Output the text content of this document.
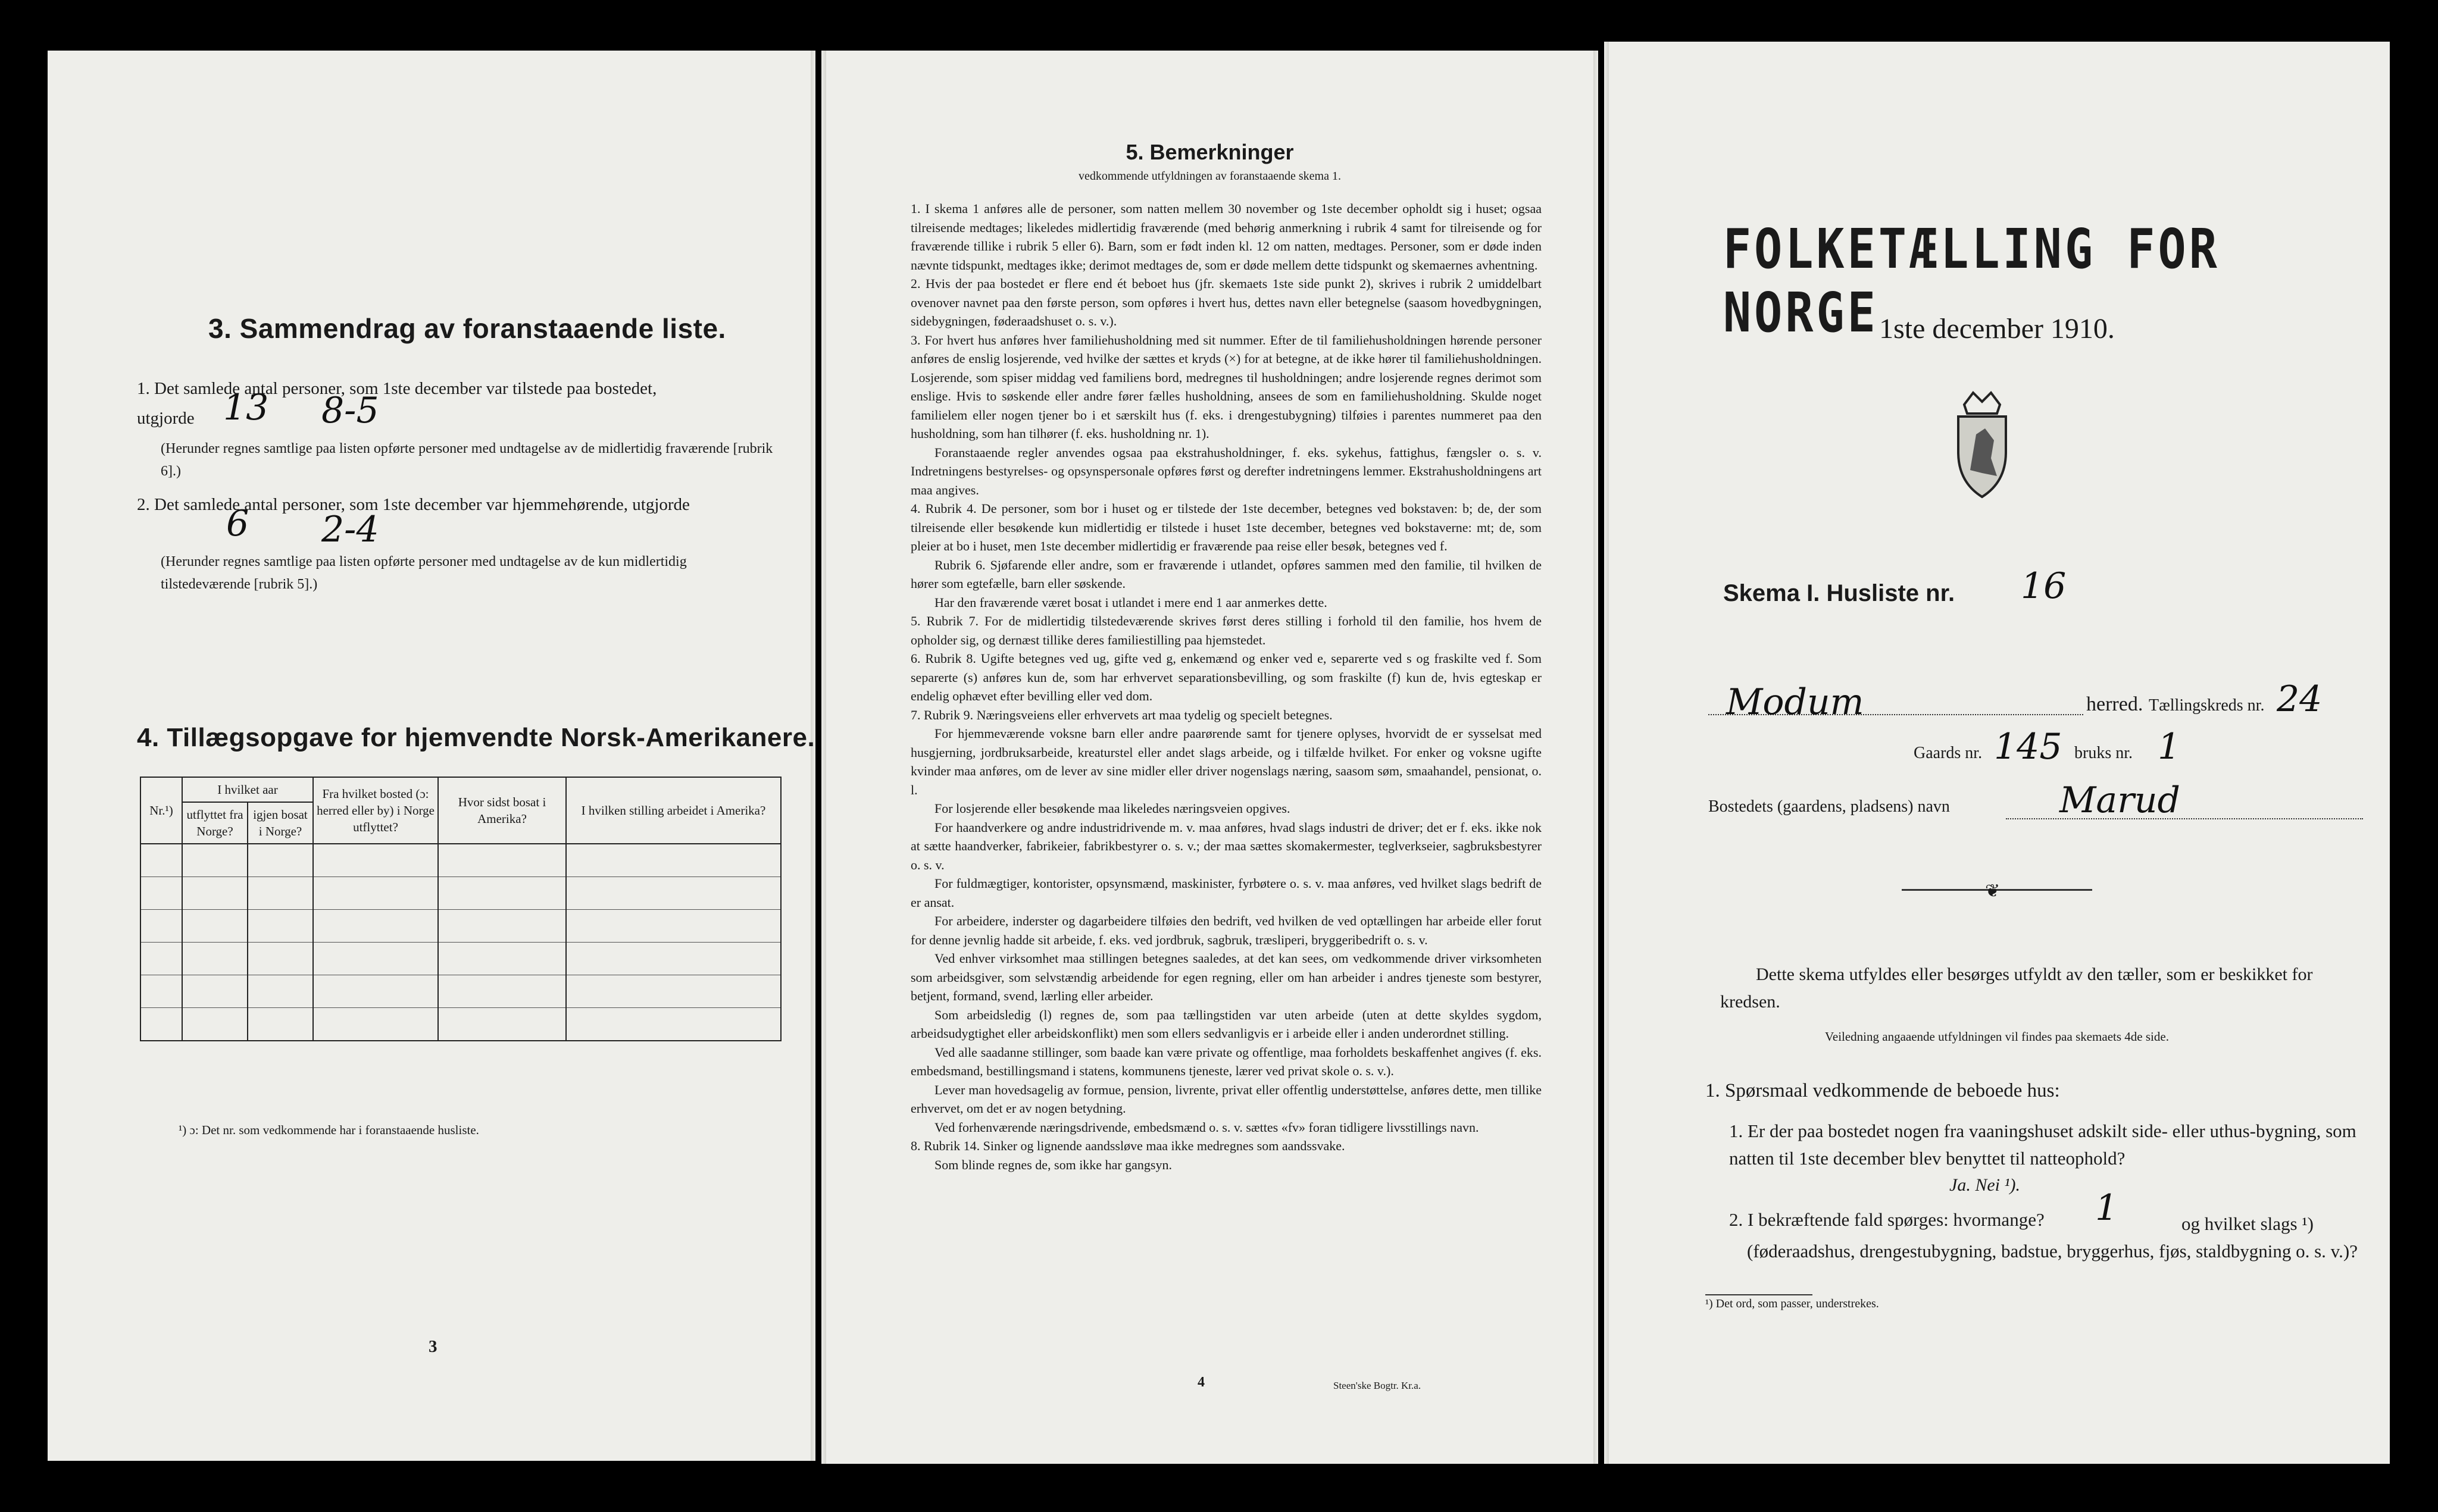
3. Sammendrag av foranstaaende liste.
1. Det samlede antal personer, som 1ste december var tilstede paa bostedet,
utgjorde 13 8-5
(Herunder regnes samtlige paa listen opførte personer med undtagelse av de midlertidig fraværende [rubrik 6].)
2. Det samlede antal personer, som 1ste december var hjemmehørende, utgjorde
6 2-4
(Herunder regnes samtlige paa listen opførte personer med undtagelse av de kun midlertidig tilstedeværende [rubrik 5].)
4. Tillægsopgave for hjemvendte Norsk-Amerikanere.
Nr.¹)	I hvilket aar		Fra hvilket bosted (ɔ: herred eller by) i Norge utflyttet?	Hvor sidst bosat i Amerika?	I hvilken stilling arbeidet i Amerika?
	utflyttet fra Norge?	igjen bosat i Norge?			

¹) ɔ: Det nr. som vedkommende har i foranstaaende husliste.
3
5. Bemerkninger
vedkommende utfyldningen av foranstaaende skema 1.

1. I skema 1 anføres alle de personer, som natten mellem 30 november og 1ste december opholdt sig i huset; ogsaa tilreisende medtages; likeledes midlertidig fraværende (med behørig anmerkning i rubrik 4 samt for tilreisende og for fraværende tillike i rubrik 5 eller 6). Barn, som er født inden kl. 12 om natten, medtages. Personer, som er døde inden nævnte tidspunkt, medtages ikke; derimot medtages de, som er døde mellem dette tidspunkt og skemaernes avhentning.

2. Hvis der paa bostedet er flere end ét beboet hus (jfr. skemaets 1ste side punkt 2), skrives i rubrik 2 umiddelbart ovenover navnet paa den første person, som opføres i hvert hus, dettes navn eller betegnelse (saasom hovedbygningen, sidebygningen, føderaadshuset o. s. v.).

3. For hvert hus anføres hver familiehusholdning med sit nummer. Efter de til familiehusholdningen hørende personer anføres de enslig losjerende, ved hvilke der sættes et kryds (×) for at betegne, at de ikke hører til familiehusholdningen. Losjerende, som spiser middag ved familiens bord, medregnes til husholdningen; andre losjerende regnes derimot som enslige. Hvis to søskende eller andre fører fælles husholdning, ansees de som en familiehusholdning. Skulde noget familielem eller nogen tjener bo i et særskilt hus (f. eks. i drengestubygning) tilføies i parentes nummeret paa den husholdning, som han tilhører (f. eks. husholdning nr. 1).

Foranstaaende regler anvendes ogsaa paa ekstrahusholdninger, f. eks. sykehus, fattighus, fængsler o. s. v. Indretningens bestyrelses- og opsynspersonale opføres først og derefter indretningens lemmer. Ekstrahusholdningens art maa angives.

4. Rubrik 4. De personer, som bor i huset og er tilstede der 1ste december, betegnes ved bokstaven: b; de, der som tilreisende eller besøkende kun midlertidig er tilstede i huset 1ste december, betegnes ved bokstaverne: mt; de, som pleier at bo i huset, men 1ste december midlertidig er fraværende paa reise eller besøk, betegnes ved f.

Rubrik 6. Sjøfarende eller andre, som er fraværende i utlandet, opføres sammen med den familie, til hvilken de hører som egtefælle, barn eller søskende.

Har den fraværende været bosat i utlandet i mere end 1 aar anmerkes dette.

5. Rubrik 7. For de midlertidig tilstedeværende skrives først deres stilling i forhold til den familie, hos hvem de opholder sig, og dernæst tillike deres familiestilling paa hjemstedet.

6. Rubrik 8. Ugifte betegnes ved ug, gifte ved g, enkemænd og enker ved e, separerte ved s og fraskilte ved f. Som separerte (s) anføres kun de, som har erhvervet separationsbevilling, og som fraskilte (f) kun de, hvis egteskap er endelig ophævet efter bevilling eller ved dom.

7. Rubrik 9. Næringsveiens eller erhvervets art maa tydelig og specielt betegnes.

For hjemmeværende voksne barn eller andre paarørende samt for tjenere oplyses, hvorvidt de er sysselsat med husgjerning, jordbruksarbeide, kreaturstel eller andet slags arbeide, og i tilfælde hvilket. For enker og voksne ugifte kvinder maa anføres, om de lever av sine midler eller driver nogenslags næring, saasom søm, smaahandel, pensionat, o. l.

For losjerende eller besøkende maa likeledes næringsveien opgives.

For haandverkere og andre industridrivende m. v. maa anføres, hvad slags industri de driver; det er f. eks. ikke nok at sætte haandverker, fabrikeier, fabrikbestyrer o. s. v.; der maa sættes skomakermester, teglverkseier, sagbruksbestyrer o. s. v.

For fuldmægtiger, kontorister, opsynsmænd, maskinister, fyrbøtere o. s. v. maa anføres, ved hvilket slags bedrift de er ansat.

For arbeidere, inderster og dagarbeidere tilføies den bedrift, ved hvilken de ved optællingen har arbeide eller forut for denne jevnlig hadde sit arbeide, f. eks. ved jordbruk, sagbruk, træsliperi, bryggeribedrift o. s. v.

Ved enhver virksomhet maa stillingen betegnes saaledes, at det kan sees, om vedkommende driver virksomheten som arbeidsgiver, som selvstændig arbeidende for egen regning, eller om han arbeider i andres tjeneste som bestyrer, betjent, formand, svend, lærling eller arbeider.

Som arbeidsledig (l) regnes de, som paa tællingstiden var uten arbeide (uten at dette skyldes sygdom, arbeidsudygtighet eller arbeidskonflikt) men som ellers sedvanligvis er i arbeide eller i anden underordnet stilling.

Ved alle saadanne stillinger, som baade kan være private og offentlige, maa forholdets beskaffenhet angives (f. eks. embedsmand, bestillingsmand i statens, kommunens tjeneste, lærer ved privat skole o. s. v.).

Lever man hovedsagelig av formue, pension, livrente, privat eller offentlig understøttelse, anføres dette, men tillike erhvervet, om det er av nogen betydning.

Ved forhenværende næringsdrivende, embedsmænd o. s. v. sættes «fv» foran tidligere livsstillings navn.

8. Rubrik 14. Sinker og lignende aandssløve maa ikke medregnes som aandssvake.

Som blinde regnes de, som ikke har gangsyn.

4	Steen'ske Bogtr. Kr.a.
FOLKETÆLLING FOR NORGE 1ste december 1910.
Skema I. Husliste nr. 16
Modum	herred. Tællingskreds nr. 24
Gaards nr. 145 bruks nr. 1
Bostedets (gaardens, pladsens) navn	Marud
❦
Dette skema utfyldes eller besørges utfyldt av den tæller, som er beskikket for kredsen.
Veiledning angaaende utfyldningen vil findes paa skemaets 4de side.
1. Spørsmaal vedkommende de beboede hus:
1. Er der paa bostedet nogen fra vaaningshuset adskilt side- eller uthus-bygning, som natten til 1ste december blev benyttet til natteophold?
Ja. Nei ¹).
2. I bekræftende fald spørges: hvormange? 1	og hvilket slags ¹) (føderaadshus, drengestubygning, badstue, bryggerhus, fjøs, staldbygning o. s. v.)?
¹) Det ord, som passer, understrekes.
